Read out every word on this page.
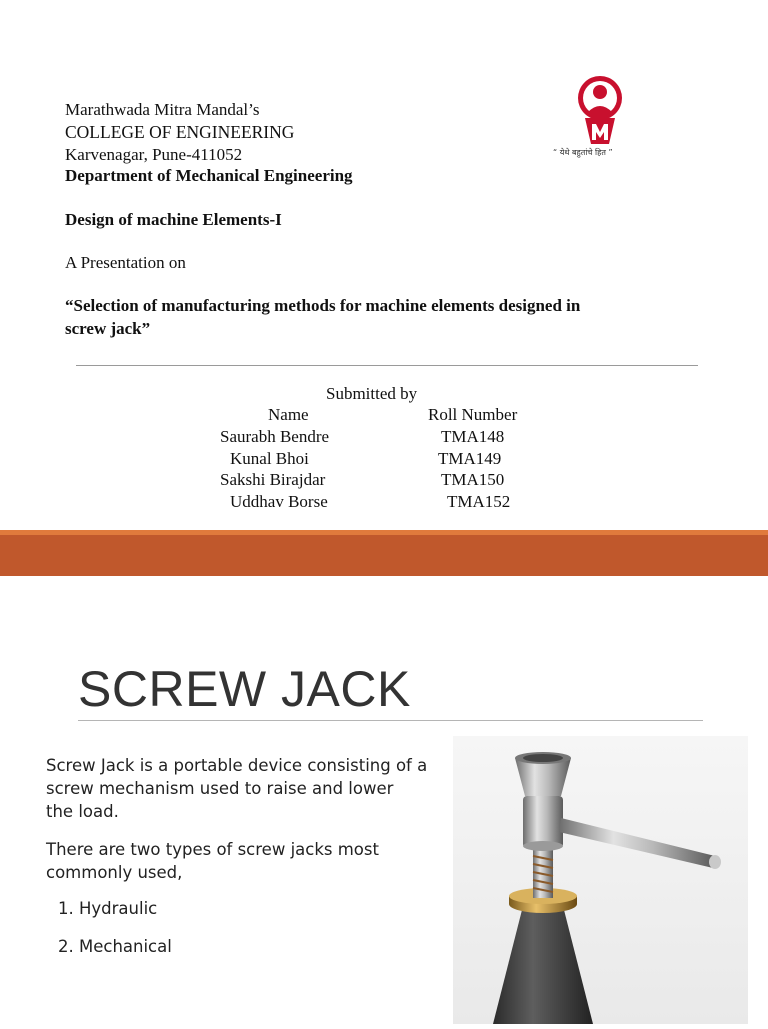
Marathwada Mitra Mandal’s
COLLEGE OF ENGINEERING
Karvenagar, Pune-411052
Department of Mechanical Engineering
Design of machine Elements-I
A Presentation on
“Selection of manufacturing methods for machine elements designed in
screw jack”
“ येथे बहुतांचे हित ”
Submitted by
Name	Roll Number
Saurabh Bendre	TMA148
Kunal Bhoi	TMA149
Sakshi Birajdar	TMA150
Uddhav Borse	TMA152
SCREW JACK
Screw Jack is a portable device consisting of a
screw mechanism used to raise and lower
the load.
There are two types of screw jacks most
commonly used,
1. Hydraulic
2. Mechanical
